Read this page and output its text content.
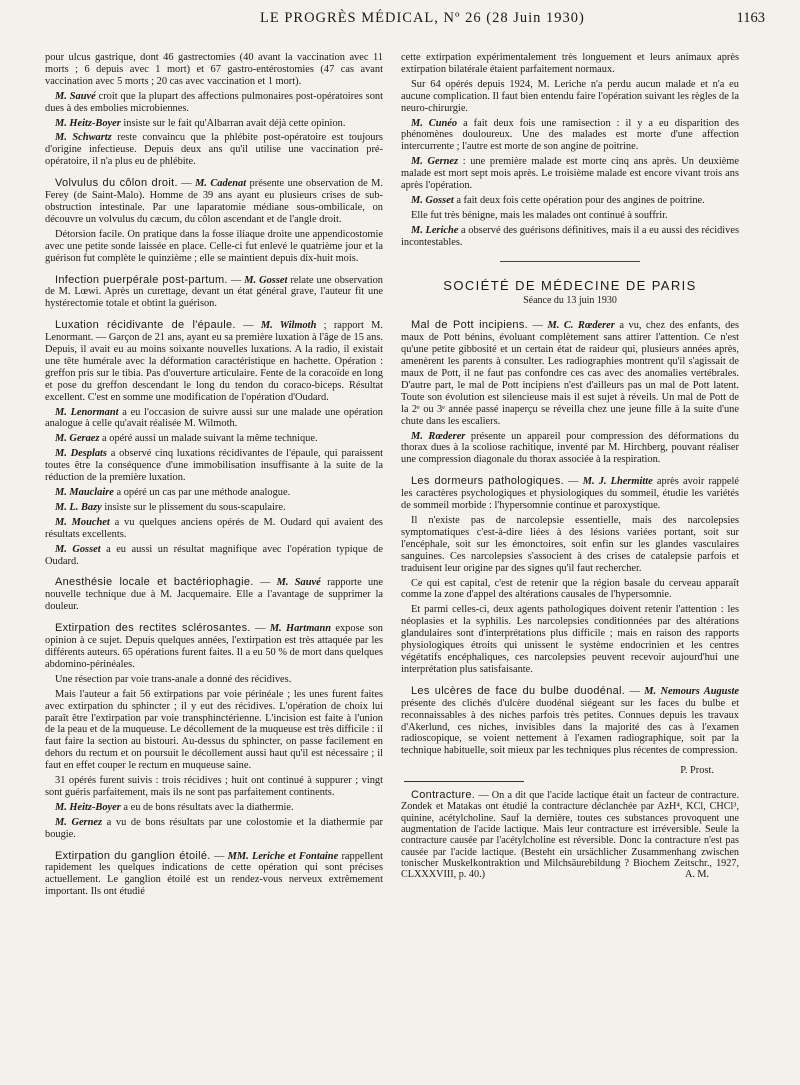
LE PROGRÈS MÉDICAL, Nº 26 (28 Juin 1930)	1163

pour ulcus gastrique, dont 46 gastrectomies (40 avant la vaccination avec 11 morts ; 6 depuis avec 1 mort) et 67 gastro-entérostomies (47 cas avant vaccination avec 5 morts ; 20 cas avec vaccination et 1 mort).

M. Sauvé croit que la plupart des affections pulmonaires post-opératoires sont dues à des embolies microbiennes.

M. Heitz-Boyer insiste sur le fait qu'Albarran avait déjà cette opinion.

M. Schwartz reste convaincu que la phlébite post-opératoire est toujours d'origine infectieuse. Depuis deux ans qu'il utilise une vaccination pré-opératoire, il n'a plus eu de phlébite.

Volvulus du côlon droit. — M. Cadenat présente une observation de M. Ferey (de Saint-Malo). Homme de 39 ans ayant eu plusieurs crises de sub-obstruction intestinale. Par une laparatomie médiane sous-ombilicale, on découvre un volvulus du cæcum, du côlon ascendant et de l'angle droit.

Détorsion facile. On pratique dans la fosse iliaque droite une appendicostomie avec une petite sonde laissée en place. Celle-ci fut enlevé le quatrième jour et la guérison fut complète le quinzième ; elle se maintient depuis dix-huit mois.

Infection puerpérale post-partum. — M. Gosset relate une observation de M. Lœwi. Après un curettage, devant un état général grave, l'auteur fit une hystérectomie totale et obtint la guérison.

Luxation récidivante de l'épaule. — M. Wilmoth ; rapport M. Lenormant. — Garçon de 21 ans, ayant eu sa première luxation à l'âge de 15 ans. Depuis, il avait eu au moins soixante nouvelles luxations. A la radio, il existait une tête humérale avec la déformation caractéristique en hachette. Opération : greffon pris sur le tibia. Pas d'ouverture articulaire. Fente de la coracoïde en long et pose du greffon descendant le long du tendon du coraco-biceps. Résultat excellent. C'est en somme une modification de l'opération d'Oudard.

M. Lenormant a eu l'occasion de suivre aussi sur une malade une opération analogue à celle qu'avait réalisée M. Wilmoth.

M. Geraez a opéré aussi un malade suivant la même technique.

M. Desplats a observé cinq luxations récidivantes de l'épaule, qui paraissent toutes être la conséquence d'une immobilisation insuffisante à la suite de la réduction de la première luxation.

M. Mauclaire a opéré un cas par une méthode analogue.

M. L. Bazy insiste sur le plissement du sous-scapulaire.

M. Mouchet a vu quelques anciens opérés de M. Oudard qui avaient des résultats excellents.

M. Gosset a eu aussi un résultat magnifique avec l'opération typique de Oudard.

Anesthésie locale et bactériophagie. — M. Sauvé rapporte une nouvelle technique due à M. Jacquemaire. Elle a l'avantage de supprimer la douleur.

Extirpation des rectites sclérosantes. — M. Hartmann expose son opinion à ce sujet. Depuis quelques années, l'extirpation est très attaquée par les différents auteurs. 65 opérations furent faites. Il a eu 50 % de mort dans quelques abdomino-périnéales.

Une résection par voie trans-anale a donné des récidives.

Mais l'auteur a fait 56 extirpations par voie périnéale ; les unes furent faites avec extirpation du sphincter ; il y eut des récidives. L'opération de choix lui paraît être l'extirpation par voie transphinctérienne. L'incision est faite à l'union de la peau et de la muqueuse. Le décollement de la muqueuse est très difficile : il faut faire la section au bistouri. Au-dessus du sphincter, on passe facilement en dehors du rectum et on poursuit le décollement aussi haut qu'il est nécessaire ; il faut en effet couper le rectum en muqueuse saine.

31 opérés furent suivis : trois récidives ; huit ont continué à suppurer ; vingt sont guéris parfaitement, mais ils ne sont pas parfaitement continents.

M. Heitz-Boyer a eu de bons résultats avec la diathermie.

M. Gernez a vu de bons résultats par une colostomie et la diathermie par bougie.

Extirpation du ganglion étoilé. — MM. Leriche et Fontaine rappellent rapidement les quelques indications de cette opération qui sont précises actuellement. Le ganglion étoilé est un rendez-vous nerveux extrêmement important. Ils ont étudié

cette extirpation expérimentalement très longuement et leurs animaux après extirpation bilatérale étaient parfaitement normaux.

Sur 64 opérés depuis 1924, M. Leriche n'a perdu aucun malade et n'a eu aucune complication. Il faut bien entendu faire l'opération suivant les règles de la neuro-chirurgie.

M. Cunéo a fait deux fois une ramisection : il y a eu disparition des phénomènes douloureux. Une des malades est morte d'une affection intercurrente ; l'autre est morte de son angine de poitrine.

M. Gernez : une première malade est morte cinq ans après. Un deuxième malade est mort sept mois après. Le troisième malade est encore vivant trois ans après l'opération.

M. Gosset a fait deux fois cette opération pour des angines de poitrine.

Elle fut très bénigne, mais les malades ont continué à souffrir.

M. Leriche a observé des guérisons définitives, mais il a eu aussi des récidives incontestables.

SOCIÉTÉ DE MÉDECINE DE PARIS
Séance du 13 juin 1930

Mal de Pott incipiens. — M. C. Rœderer a vu, chez des enfants, des maux de Pott bénins, évoluant complètement sans attirer l'attention. Ce n'est qu'une petite gibbosité et un certain état de raideur qui, plusieurs années après, amenèrent les parents à consulter. Les radiographies montrent qu'il s'agissait de maux de Pott, il ne faut pas confondre ces cas avec des anomalies vertébrales. D'autre part, le mal de Pott incipiens n'est d'ailleurs pas un mal de Pott latent. Toute son évolution est silencieuse mais il est sujet à réveils. Un mal de Pott de la 2ᵉ ou 3ᵉ année passé inaperçu se réveilla chez une jeune fille à la suite d'une chute dans les escaliers.

M. Rœderer présente un appareil pour compression des déformations du thorax dues à la scoliose rachitique, inventé par M. Hirchberg, pouvant réaliser une compression diagonale du thorax associée à la respiration.

Les dormeurs pathologiques. — M. J. Lhermitte après avoir rappelé les caractères psychologiques et physiologiques du sommeil, étudie les variétés de sommeil morbide : l'hypersomnie continue et paroxystique.

Il n'existe pas de narcolepsie essentielle, mais des narcolepsies symptomatiques c'est-à-dire liées à des lésions variées portant, soit sur l'encéphale, soit sur les émonctoires, soit enfin sur les glandes vasculaires sanguines. Ces narcolepsies s'associent à des crises de catalepsie parfois et traduisent leur origine par des signes qu'il faut rechercher.

Ce qui est capital, c'est de retenir que la région basale du cerveau apparaît comme la zone d'appel des altérations causales de l'hypersomnie.

Et parmi celles-ci, deux agents pathologiques doivent retenir l'attention : les néoplasies et la syphilis. Les narcolepsies conditionnées par des altérations glandulaires sont d'interprétations plus difficile ; mais en raison des rapports physiologiques étroits qui unissent le système endocrinien et les centres végétatifs encéphaliques, ces narcolepsies peuvent recevoir aujourd'hui une interprétation plus satisfaisante.

Les ulcères de face du bulbe duodénal. — M. Nemours Auguste présente des clichés d'ulcère duodénal siégeant sur les faces du bulbe et reconnaissables à des niches parfois très petites. Connues depuis les travaux d'Akerlund, ces niches, invisibles dans la majorité des cas à l'examen radioscopique, se voient nettement à l'examen radiographique, soit par la technique habituelle, soit mieux par les techniques plus récentes de compression.

P. Prost.

Contracture. — On a dit que l'acide lactique était un facteur de contracture. Zondek et Matakas ont étudié la contracture déclanchée par AzH⁴, KCl, CHCl³, quinine, acétylcholine. Sauf la dernière, toutes ces substances provoquent une augmentation de l'acide lactique. Mais leur contracture est irréversible. Seule la contracture causée par l'acétylcholine est réversible. Donc la contracture n'est pas causée par l'acide lactique. (Besteht ein ursächlicher Zusammenhang zwischen tonischer Muskelkontraktion und Milchsäurebildung ? Biochem Zeitschr., 1927, CLXXXVIII, p. 40.)	A. M.
